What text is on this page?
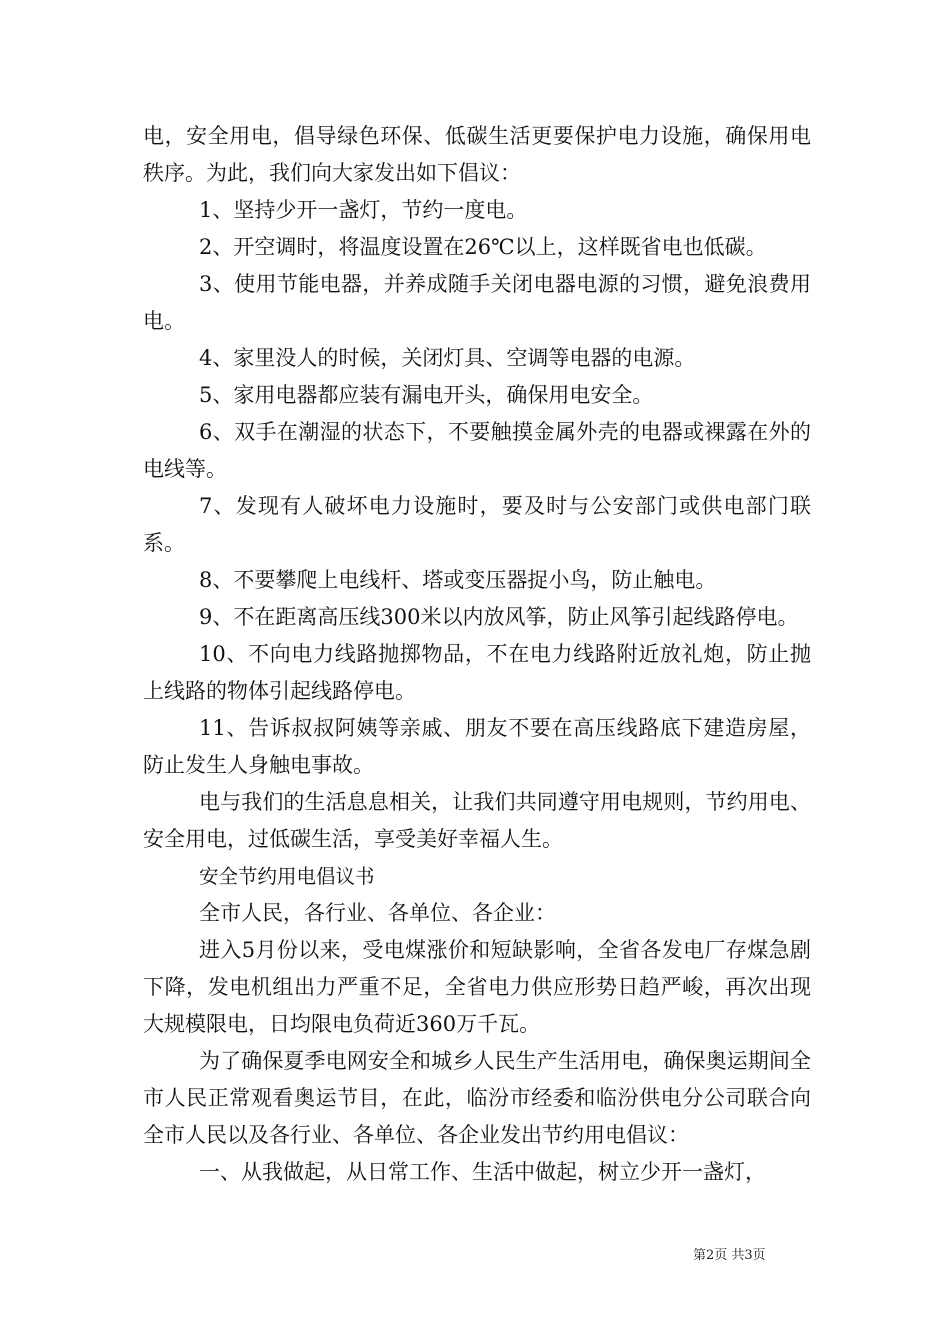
电，安全用电，倡导绿色环保、低碳生活更要保护电力设施，确保用电秩序。为此，我们向大家发出如下倡议：

1、坚持少开一盏灯，节约一度电。

2、开空调时，将温度设置在26℃以上，这样既省电也低碳。

3、使用节能电器，并养成随手关闭电器电源的习惯，避免浪费用电。

4、家里没人的时候，关闭灯具、空调等电器的电源。

5、家用电器都应装有漏电开头，确保用电安全。

6、双手在潮湿的状态下，不要触摸金属外壳的电器或裸露在外的电线等。

7、发现有人破坏电力设施时，要及时与公安部门或供电部门联系。

8、不要攀爬上电线杆、塔或变压器捉小鸟，防止触电。

9、不在距离高压线300米以内放风筝，防止风筝引起线路停电。

10、不向电力线路抛掷物品，不在电力线路附近放礼炮，防止抛上线路的物体引起线路停电。

11、告诉叔叔阿姨等亲戚、朋友不要在高压线路底下建造房屋，防止发生人身触电事故。

电与我们的生活息息相关，让我们共同遵守用电规则，节约用电、安全用电，过低碳生活，享受美好幸福人生。

安全节约用电倡议书

全市人民，各行业、各单位、各企业：

进入5月份以来，受电煤涨价和短缺影响，全省各发电厂存煤急剧下降，发电机组出力严重不足，全省电力供应形势日趋严峻，再次出现大规模限电，日均限电负荷近360万千瓦。

为了确保夏季电网安全和城乡人民生产生活用电，确保奥运期间全市人民正常观看奥运节目，在此，临汾市经委和临汾供电分公司联合向全市人民以及各行业、各单位、各企业发出节约用电倡议：

一、从我做起，从日常工作、生活中做起，树立少开一盏灯，

第2页 共3页
